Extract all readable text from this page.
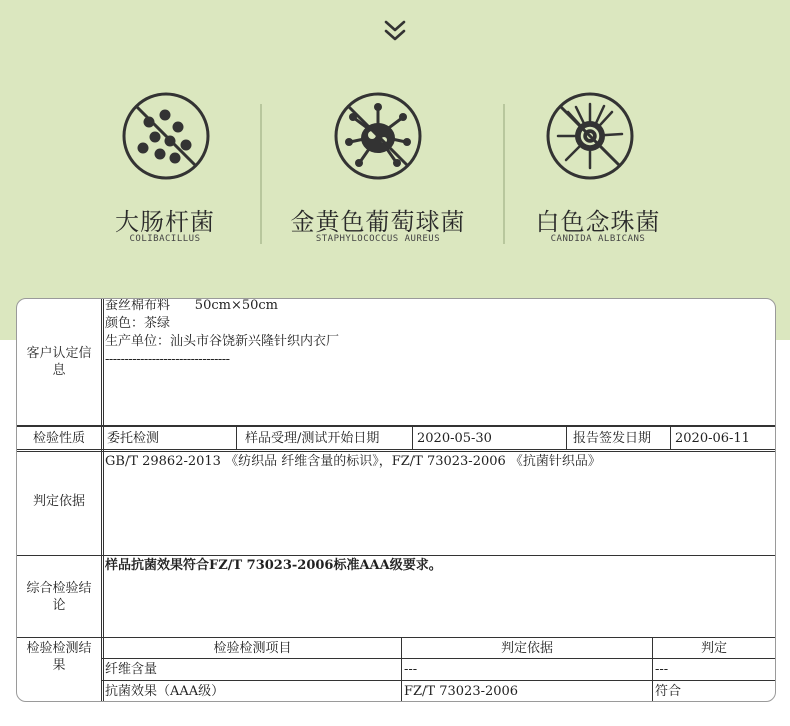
大肠杆菌
COLIBACILLUS
金黄色葡萄球菌
STAPHYLOCOCCUS AUREUS
白色念珠菌
CANDIDA ALBICANS
客户认定信息
蚕丝棉布料      50cm×50cm
颜色：茶绿
生产单位：汕头市谷饶新兴隆针织内衣厂
--------------------------------
检验性质	委托检测	样品受理/测试开始日期	2020-05-30	报告签发日期 2020-06-11
判定依据
GB/T 29862-2013 《纺织品 纤维含量的标识》，FZ/T 73023-2006 《抗菌针织品》
综合检验结论
样品抗菌效果符合FZ/T 73023-2006标准AAA级要求。
检验检测结果
检验检测项目	判定依据	判定
纤维含量	---	---
抗菌效果（AAA级）	FZ/T 73023-2006	符合
